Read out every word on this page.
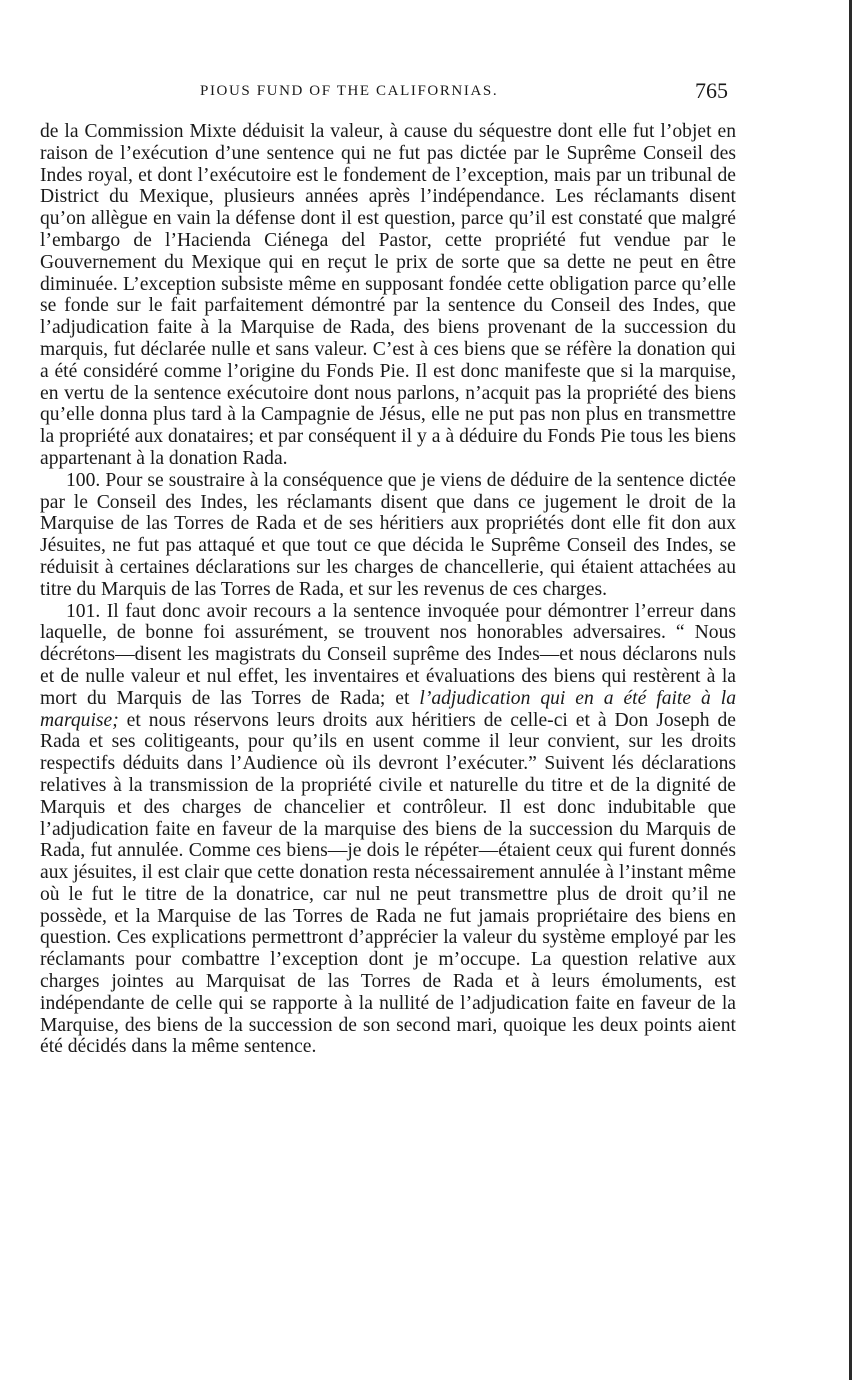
PIOUS FUND OF THE CALIFORNIAS.	765

de la Commission Mixte déduisit la valeur, à cause du séquestre dont elle fut l’objet en raison de l’exécution d’une sentence qui ne fut pas dictée par le Suprême Conseil des Indes royal, et dont l’exécutoire est le fondement de l’exception, mais par un tribunal de District du Mexique, plusieurs années après l’indépendance. Les réclamants disent qu’on allègue en vain la défense dont il est question, parce qu’il est constaté que malgré l’embargo de l’Hacienda Ciénega del Pastor, cette propriété fut vendue par le Gouvernement du Mexique qui en reçut le prix de sorte que sa dette ne peut en être diminuée. L’exception subsiste même en supposant fondée cette obligation parce qu’elle se fonde sur le fait parfaitement démontré par la sentence du Conseil des Indes, que l’adjudication faite à la Marquise de Rada, des biens provenant de la succession du marquis, fut déclarée nulle et sans valeur. C’est à ces biens que se réfère la donation qui a été considéré comme l’origine du Fonds Pie. Il est donc manifeste que si la marquise, en vertu de la sentence exécutoire dont nous parlons, n’acquit pas la propriété des biens qu’elle donna plus tard à la Campagnie de Jésus, elle ne put pas non plus en transmettre la propriété aux donataires; et par conséquent il y a à déduire du Fonds Pie tous les biens appartenant à la donation Rada.

100. Pour se soustraire à la conséquence que je viens de déduire de la sentence dictée par le Conseil des Indes, les réclamants disent que dans ce jugement le droit de la Marquise de las Torres de Rada et de ses héritiers aux propriétés dont elle fit don aux Jésuites, ne fut pas attaqué et que tout ce que décida le Suprême Conseil des Indes, se réduisit à certaines déclarations sur les charges de chancellerie, qui étaient attachées au titre du Marquis de las Torres de Rada, et sur les revenus de ces charges.

101. Il faut donc avoir recours a la sentence invoquée pour démontrer l’erreur dans laquelle, de bonne foi assurément, se trouvent nos honorables adversaires. “ Nous décrétons—disent les magistrats du Conseil suprême des Indes—et nous déclarons nuls et de nulle valeur et nul effet, les inventaires et évaluations des biens qui restèrent à la mort du Marquis de las Torres de Rada; et l’adjudication qui en a été faite à la marquise; et nous réservons leurs droits aux héritiers de celle-ci et à Don Joseph de Rada et ses colitigeants, pour qu’ils en usent comme il leur convient, sur les droits respectifs déduits dans l’Audience où ils devront l’exécuter.” Suivent lés déclarations relatives à la transmission de la propriété civile et naturelle du titre et de la dignité de Marquis et des charges de chancelier et contrôleur. Il est donc indubitable que l’adjudication faite en faveur de la marquise des biens de la succession du Marquis de Rada, fut annulée. Comme ces biens—je dois le répéter—étaient ceux qui furent donnés aux jésuites, il est clair que cette donation resta nécessairement annulée à l’instant même où le fut le titre de la donatrice, car nul ne peut transmettre plus de droit qu’il ne possède, et la Marquise de las Torres de Rada ne fut jamais propriétaire des biens en question. Ces explications permettront d’apprécier la valeur du système employé par les réclamants pour combattre l’exception dont je m’occupe. La question relative aux charges jointes au Marquisat de las Torres de Rada et à leurs émoluments, est indépendante de celle qui se rapporte à la nullité de l’adjudication faite en faveur de la Marquise, des biens de la succession de son second mari, quoique les deux points aient été décidés dans la même sentence.
